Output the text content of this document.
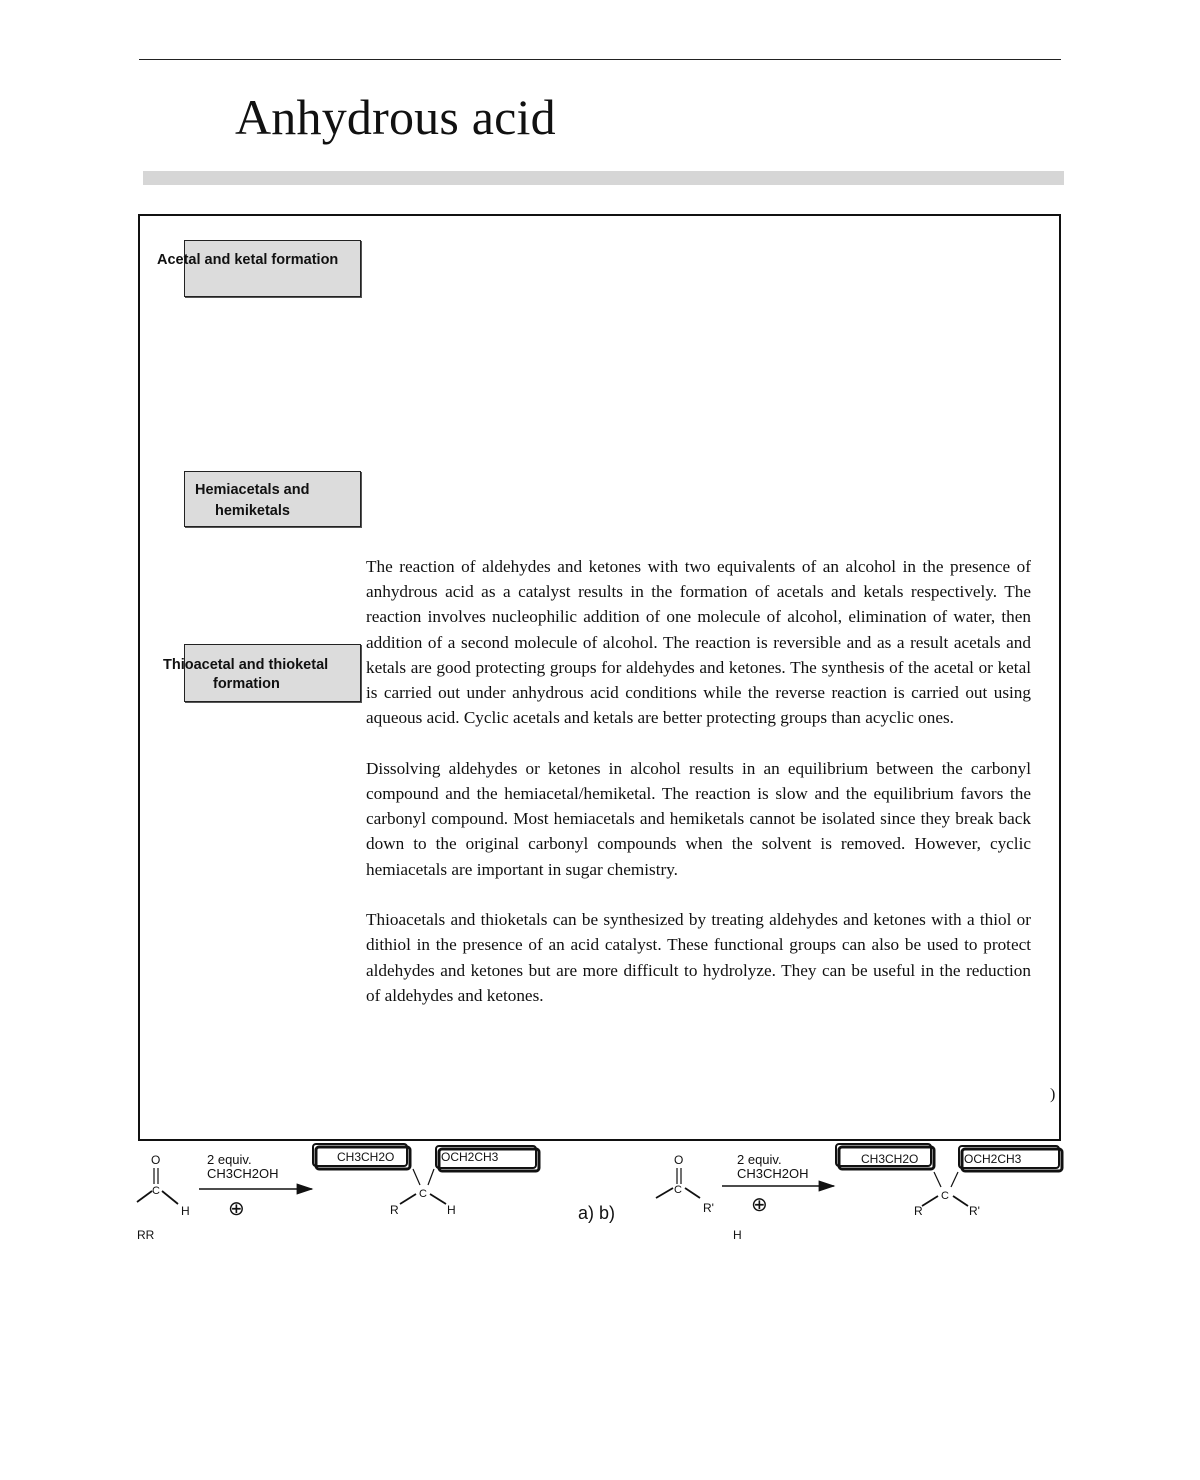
Anhydrous acid
Acetal and ketal formation
Hemiacetals and
hemiketals
Thioacetal and thioketal
formation

The reaction of aldehydes and ketones with two equivalents of an alcohol in the presence of anhydrous acid as a catalyst results in the formation of acetals and ketals respectively. The reaction involves nucleophilic addition of one molecule of alcohol, elimination of water, then addition of a second molecule of alcohol. The reaction is reversible and as a result acetals and ketals are good protecting groups for aldehydes and ketones. The synthesis of the acetal or ketal is carried out under anhydrous acid conditions while the reverse reaction is carried out using aqueous acid. Cyclic acetals and ketals are better protecting groups than acyclic ones.

Dissolving aldehydes or ketones in alcohol results in an equilibrium between the carbonyl compound and the hemiacetal/hemiketal. The reaction is slow and the equilibrium favors the carbonyl compound. Most hemiacetals and hemiketals cannot be isolated since they break back down to the original carbonyl compounds when the solvent is removed. However, cyclic hemiacetals are important in sugar chemistry.

Thioacetals and thioketals can be synthesized by treating aldehydes and ketones with a thiol or dithiol in the presence of an acid catalyst. These functional groups can also be used to protect aldehydes and ketones but are more difficult to hydrolyze. They can be useful in the reduction of aldehydes and ketones.

)
O
C
H
RR
2 equiv.
CH3CH2OH
⊕
CH3CH2O	OCH2CH3
C
R	H	a) b)
O
C
R'
H
2 equiv.
CH3CH2OH
⊕
CH3CH2O	OCH2CH3
C
R	R'
